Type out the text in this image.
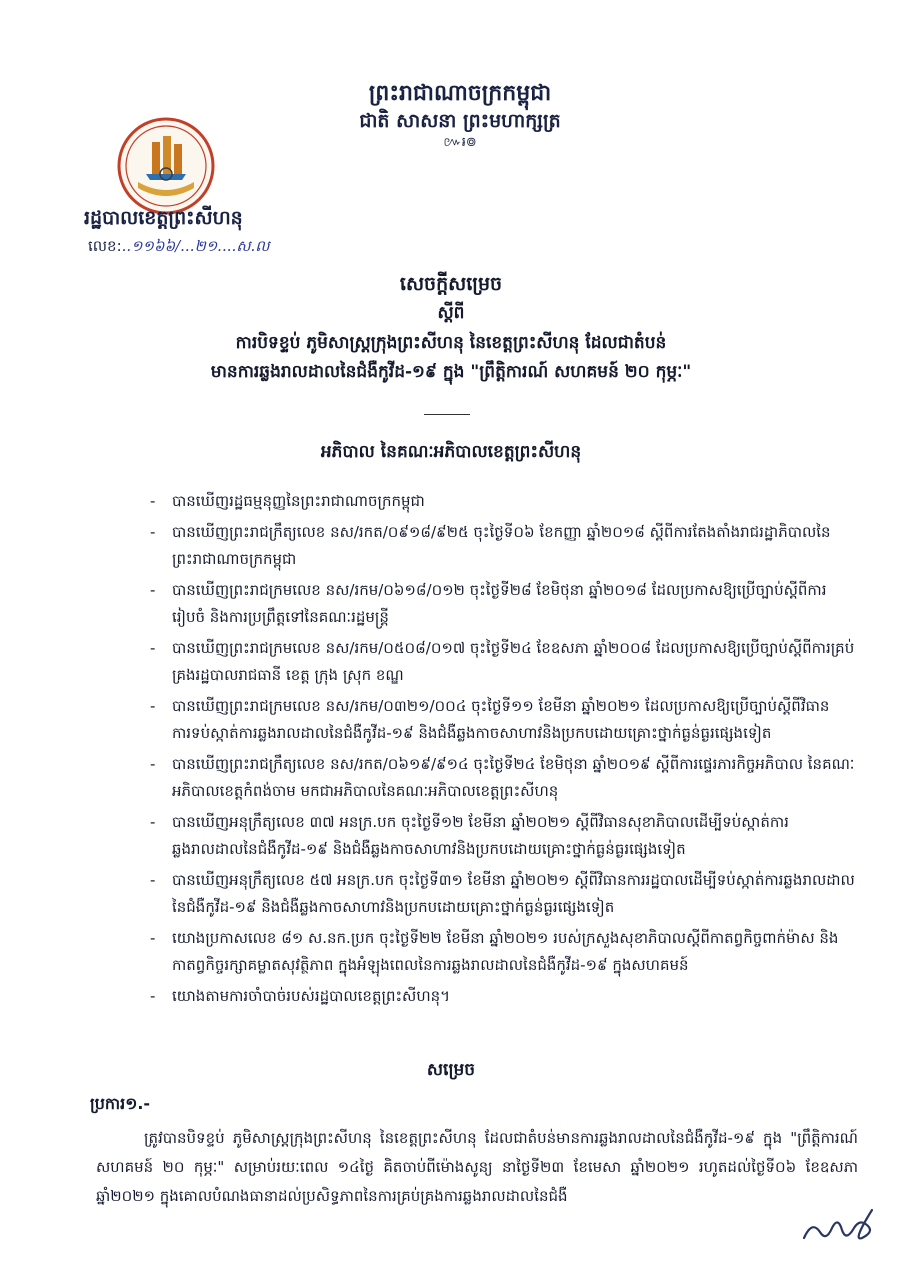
ព្រះរាជាណាចក្រកម្ពុជា
ជាតិ សាសនា ព្រះមហាក្សត្រ
៚៛៙
រដ្ឋបាលខេត្តព្រះសីហនុ
លេខ:..១១៦៦/...២១....ស.ល
សេចក្តីសម្រេច
ស្តីពី
ការបិទខ្ទប់ ភូមិសាស្ត្រក្រុងព្រះសីហនុ នៃខេត្តព្រះសីហនុ ដែលជាតំបន់
មានការឆ្លងរាលដាលនៃជំងឺកូវីដ-១៩ ក្នុង "ព្រឹត្តិការណ៍ សហគមន៍ ២០ កុម្ភៈ"
អភិបាល នៃគណៈអភិបាលខេត្តព្រះសីហនុ
-	បានឃើញរដ្ឋធម្មនុញ្ញនៃព្រះរាជាណាចក្រកម្ពុជា
-	បានឃើញព្រះរាជក្រឹត្យលេខ នស/រកត/០៩១៨/៩២៥ ចុះថ្ងៃទី០៦ ខែកញ្ញា ឆ្នាំ២០១៨ ស្តីពីការតែងតាំងរាជរដ្ឋាភិបាលនៃព្រះរាជាណាចក្រកម្ពុជា
-	បានឃើញព្រះរាជក្រមលេខ នស/រកម/០៦១៨/០១២ ចុះថ្ងៃទី២៨ ខែមិថុនា ឆ្នាំ២០១៨ ដែលប្រកាសឱ្យប្រើច្បាប់ស្តីពីការរៀបចំ និងការប្រព្រឹត្តទៅនៃគណៈរដ្ឋមន្ត្រី
-	បានឃើញព្រះរាជក្រមលេខ នស/រកម/០៥០៨/០១៧ ចុះថ្ងៃទី២៤ ខែឧសភា ឆ្នាំ២០០៨ ដែលប្រកាសឱ្យប្រើច្បាប់ស្តីពីការគ្រប់គ្រងរដ្ឋបាលរាជធានី ខេត្ត ក្រុង ស្រុក ខណ្ឌ
-	បានឃើញព្រះរាជក្រមលេខ នស/រកម/០៣២១/០០៤ ចុះថ្ងៃទី១១ ខែមីនា ឆ្នាំ២០២១ ដែលប្រកាសឱ្យប្រើច្បាប់ស្តីពីវិធានការទប់ស្កាត់ការឆ្លងរាលដាលនៃជំងឺកូវីដ-១៩ និងជំងឺឆ្លងកាចសាហាវនិងប្រកបដោយគ្រោះថ្នាក់ធ្ងន់ធ្ងរផ្សេងទៀត
-	បានឃើញព្រះរាជក្រឹត្យលេខ នស/រកត/០៦១៩/៩១៤ ចុះថ្ងៃទី២៤ ខែមិថុនា ឆ្នាំ២០១៩ ស្តីពីការផ្ទេរភារកិច្ចអភិបាល នៃគណៈអភិបាលខេត្តកំពង់ចាម មកជាអភិបាលនៃគណៈអភិបាលខេត្តព្រះសីហនុ
-	បានឃើញអនុក្រឹត្យលេខ ៣៧ អនក្រ.បក ចុះថ្ងៃទី១២ ខែមីនា ឆ្នាំ២០២១ ស្តីពីវិធានសុខាភិបាលដើម្បីទប់ស្កាត់ការឆ្លងរាលដាលនៃជំងឺកូវីដ-១៩ និងជំងឺឆ្លងកាចសាហាវនិងប្រកបដោយគ្រោះថ្នាក់ធ្ងន់ធ្ងរផ្សេងទៀត
-	បានឃើញអនុក្រឹត្យលេខ ៥៧ អនក្រ.បក ចុះថ្ងៃទី៣១ ខែមីនា ឆ្នាំ២០២១ ស្តីពីវិធានការរដ្ឋបាលដើម្បីទប់ស្កាត់ការឆ្លងរាលដាលនៃជំងឺកូវីដ-១៩ និងជំងឺឆ្លងកាចសាហាវនិងប្រកបដោយគ្រោះថ្នាក់ធ្ងន់ធ្ងរផ្សេងទៀត
-	យោងប្រកាសលេខ ៨១ ស.នក.ប្រក ចុះថ្ងៃទី២២ ខែមីនា ឆ្នាំ២០២១ របស់ក្រសួងសុខាភិបាលស្តីពីកាតព្វកិច្ចពាក់ម៉ាស និងកាតព្វកិច្ចរក្សាគម្លាតសុវត្ថិភាព ក្នុងអំឡុងពេលនៃការឆ្លងរាលដាលនៃជំងឺកូវីដ-១៩ ក្នុងសហគមន៍
-	យោងតាមការចាំបាច់របស់រដ្ឋបាលខេត្តព្រះសីហនុ។
សម្រេច
ប្រការ១.-
ត្រូវបានបិទខ្ទប់ ភូមិសាស្ត្រក្រុងព្រះសីហនុ នៃខេត្តព្រះសីហនុ ដែលជាតំបន់មានការឆ្លងរាលដាលនៃជំងឺកូវីដ-១៩ ក្នុង "ព្រឹត្តិការណ៍សហគមន៍ ២០ កុម្ភៈ" សម្រាប់រយៈពេល ១៤ថ្ងៃ គិតចាប់ពីម៉ោងសូន្យ នាថ្ងៃទី២៣ ខែមេសា ឆ្នាំ២០២១ រហូតដល់ថ្ងៃទី០៦ ខែឧសភា ឆ្នាំ២០២១ ក្នុងគោលបំណងធានាដល់ប្រសិទ្ធភាពនៃការគ្រប់គ្រងការឆ្លងរាលដាលនៃជំងឺ
